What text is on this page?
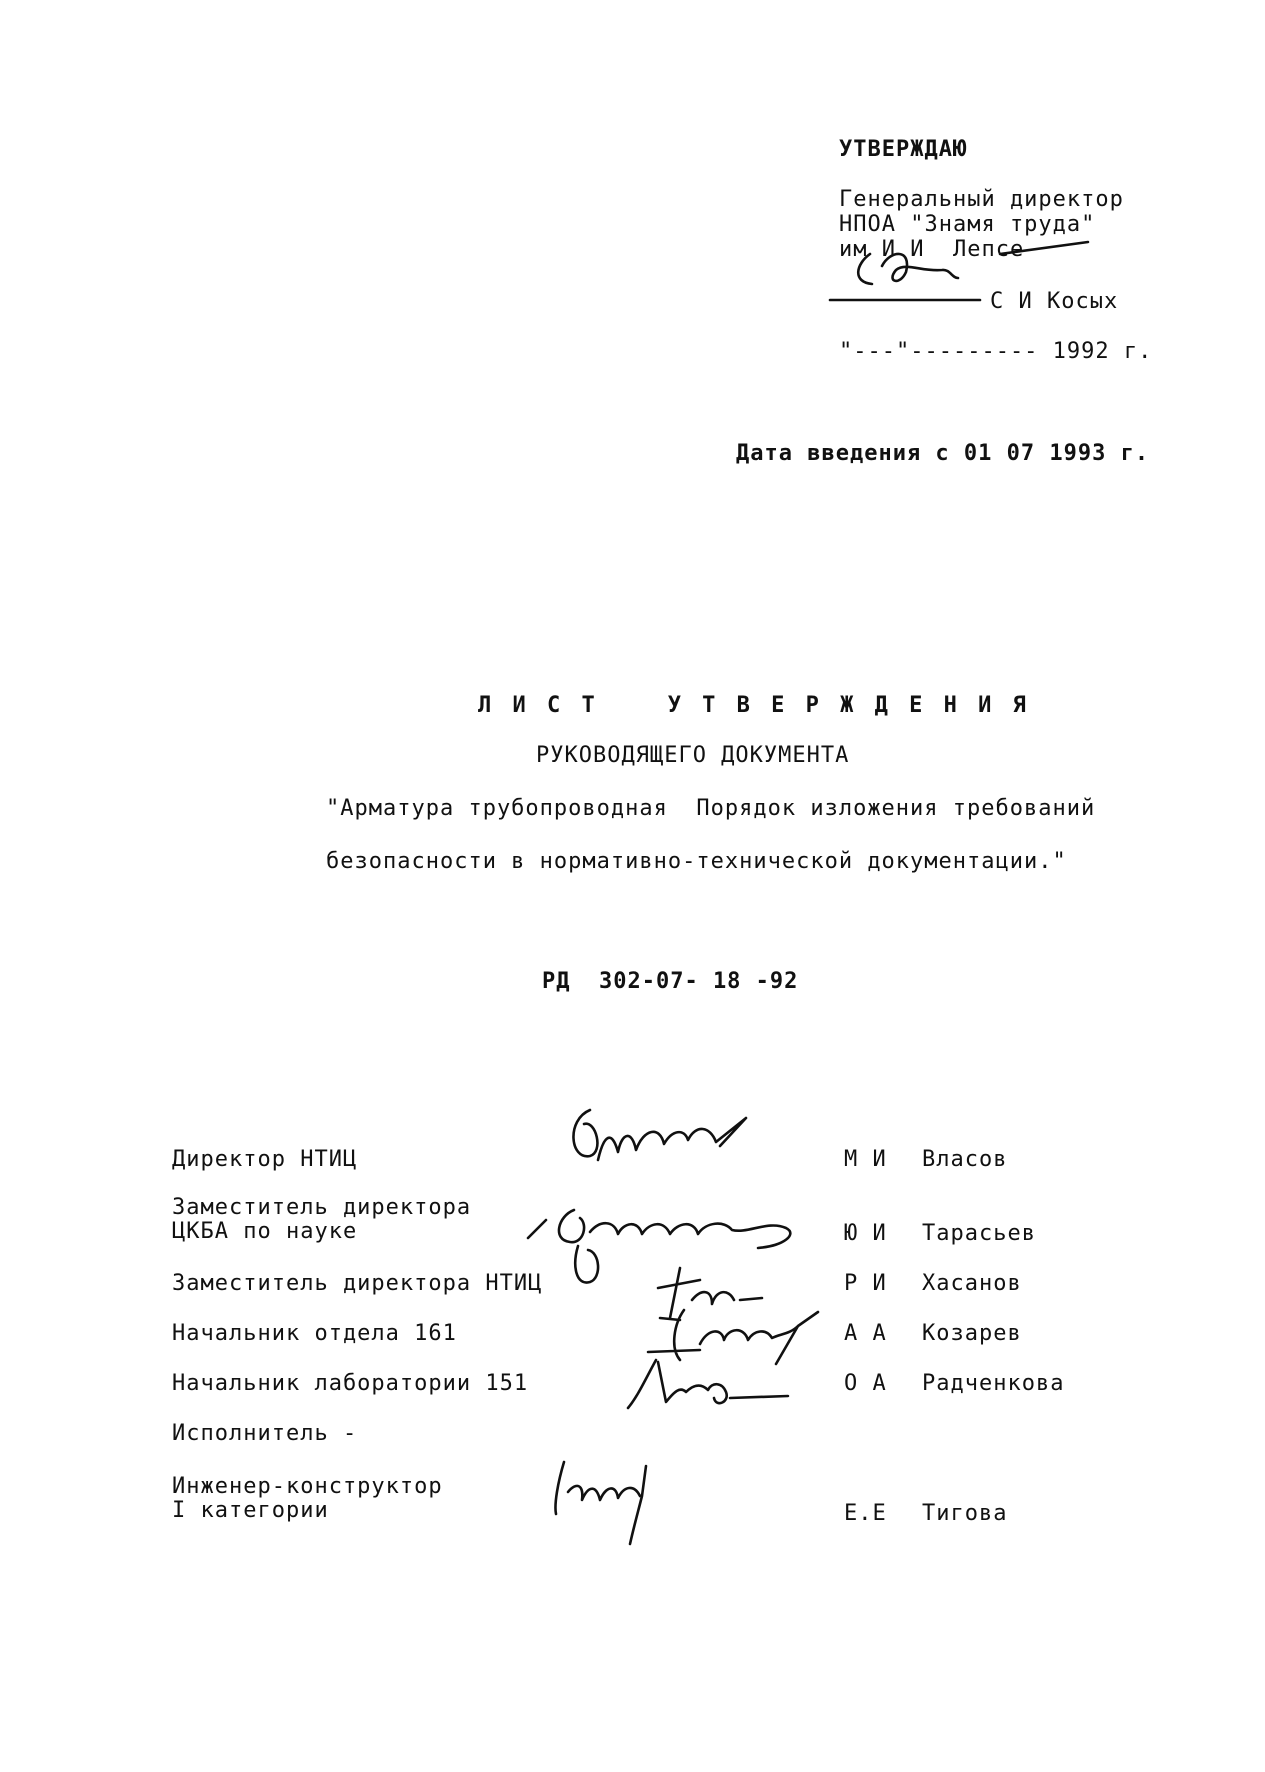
УТВЕРЖДАЮ
Генеральный директор
НПОА "Знамя труда"
им И И  Лепсе
С И Косых
"---"--------- 1992 г.
Дата введения с 01 07 1993 г.
Л И С Т    У Т В Е Р Ж Д Е Н И Я
РУКОВОДЯЩЕГО ДОКУМЕНТА
"Арматура трубопроводная  Порядок изложения требований
безопасности в нормативно-технической документации."
РД  302-07- 18 -92
Директор НТИЦ	М И Власов
Заместитель директора
ЦКБА по науке	Ю И Тарасьев
Заместитель директора НТИЦ	Р И Хасанов
Начальник отдела 161	А А Козарев
Начальник лаборатории 151	О А Радченкова
Исполнитель -
Инженер-конструктор
I категории	Е.Е Тигова
